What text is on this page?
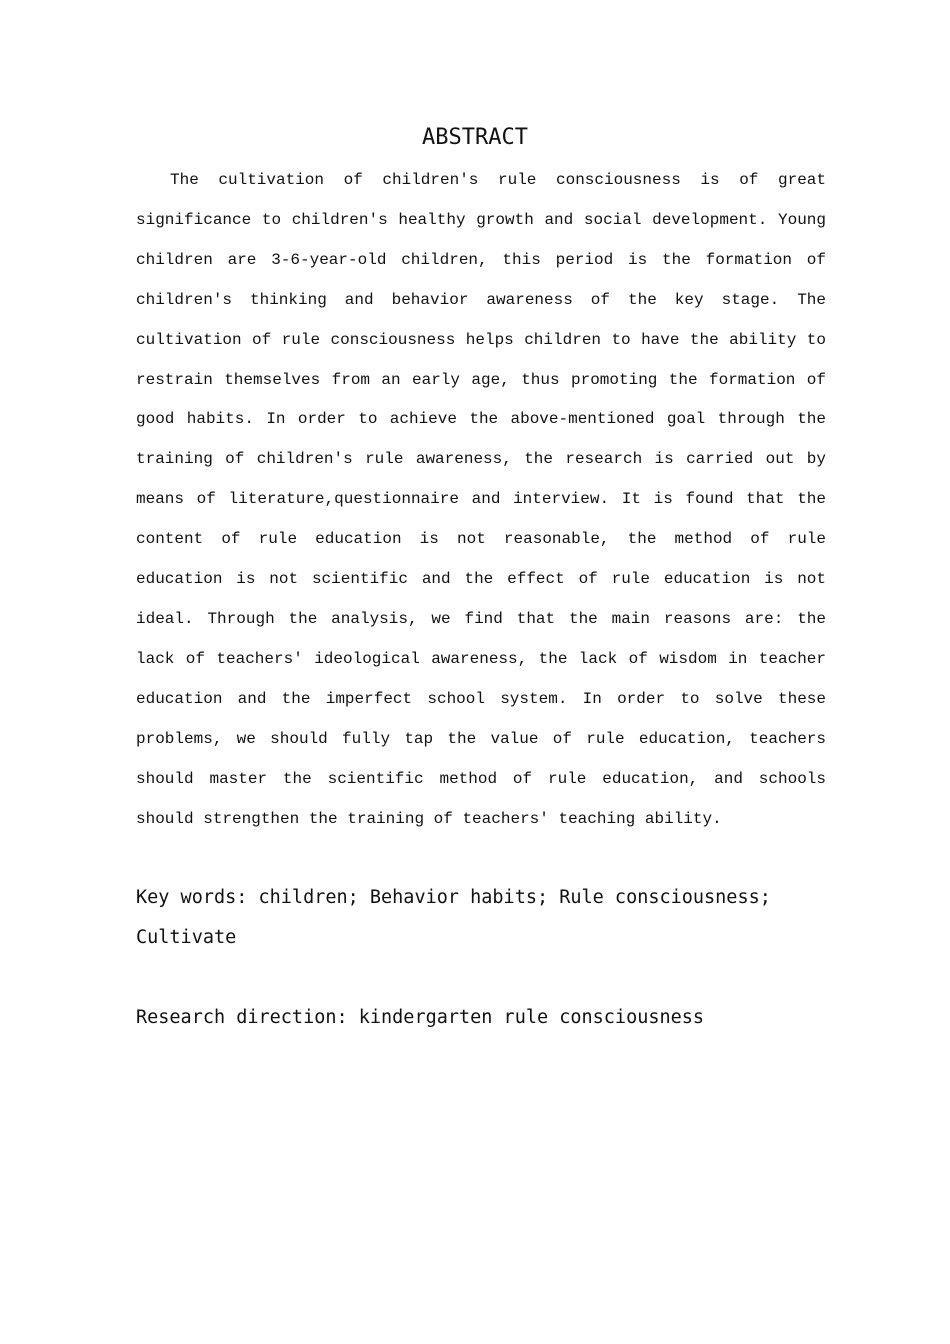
ABSTRACT

The cultivation of children's rule consciousness is of great significance to children's healthy growth and social development. Young children are 3-6-year-old children, this period is the formation of children's thinking and behavior awareness of the key stage. The cultivation of rule consciousness helps children to have the ability to restrain themselves from an early age, thus promoting the formation of good habits. In order to achieve the above-mentioned goal through the training of children's rule awareness, the research is carried out by means of literature,questionnaire and interview. It is found that the content of rule education is not reasonable, the method of rule education is not scientific and the effect of rule education is not ideal. Through the analysis, we find that the main reasons are: the lack of teachers' ideological awareness, the lack of wisdom in teacher education and the imperfect school system. In order to solve these problems, we should fully tap the value of rule education, teachers should master the scientific method of rule education, and schools should strengthen the training of teachers' teaching ability.

Key words: children; Behavior habits; Rule consciousness; Cultivate

Research direction: kindergarten rule consciousness
